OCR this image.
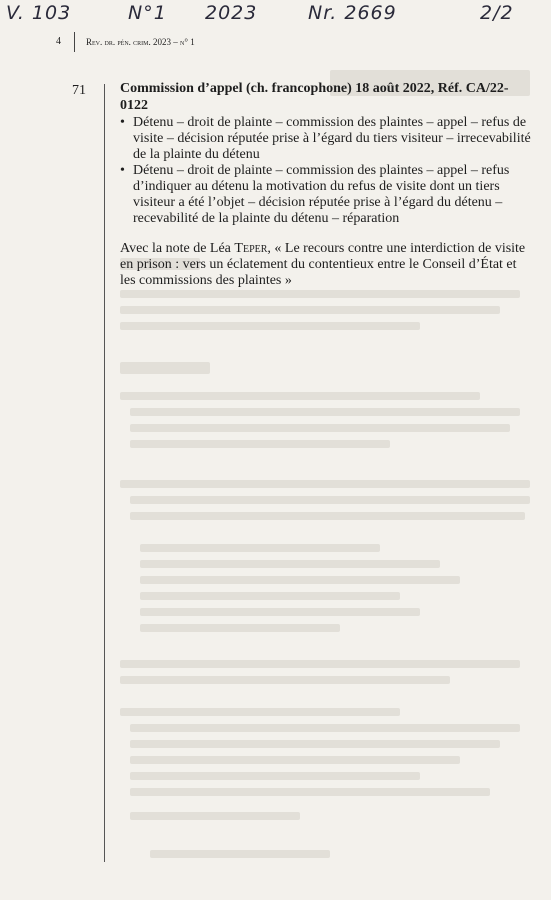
V. 103	N°1 2023	Nr. 2669	2/2
4	Rev. dr. pén. crim. 2023 – n° 1
71 Commission d’appel (ch. francophone) 18 août 2022, Réf. CA/22-0122
• Détenu – droit de plainte – commission des plaintes – appel – refus de visite – décision réputée prise à l’égard du tiers visiteur – irrecevabilité de la plainte du détenu
• Détenu – droit de plainte – commission des plaintes – appel – refus d’indiquer au détenu la motivation du refus de visite dont un tiers visiteur a été l’objet – décision réputée prise à l’égard du détenu – recevabilité de la plainte du détenu – réparation
Avec la note de Léa Teper, « Le recours contre une interdiction de visite en prison : vers un éclatement du contentieux entre le Conseil d’État et les commissions des plaintes »
